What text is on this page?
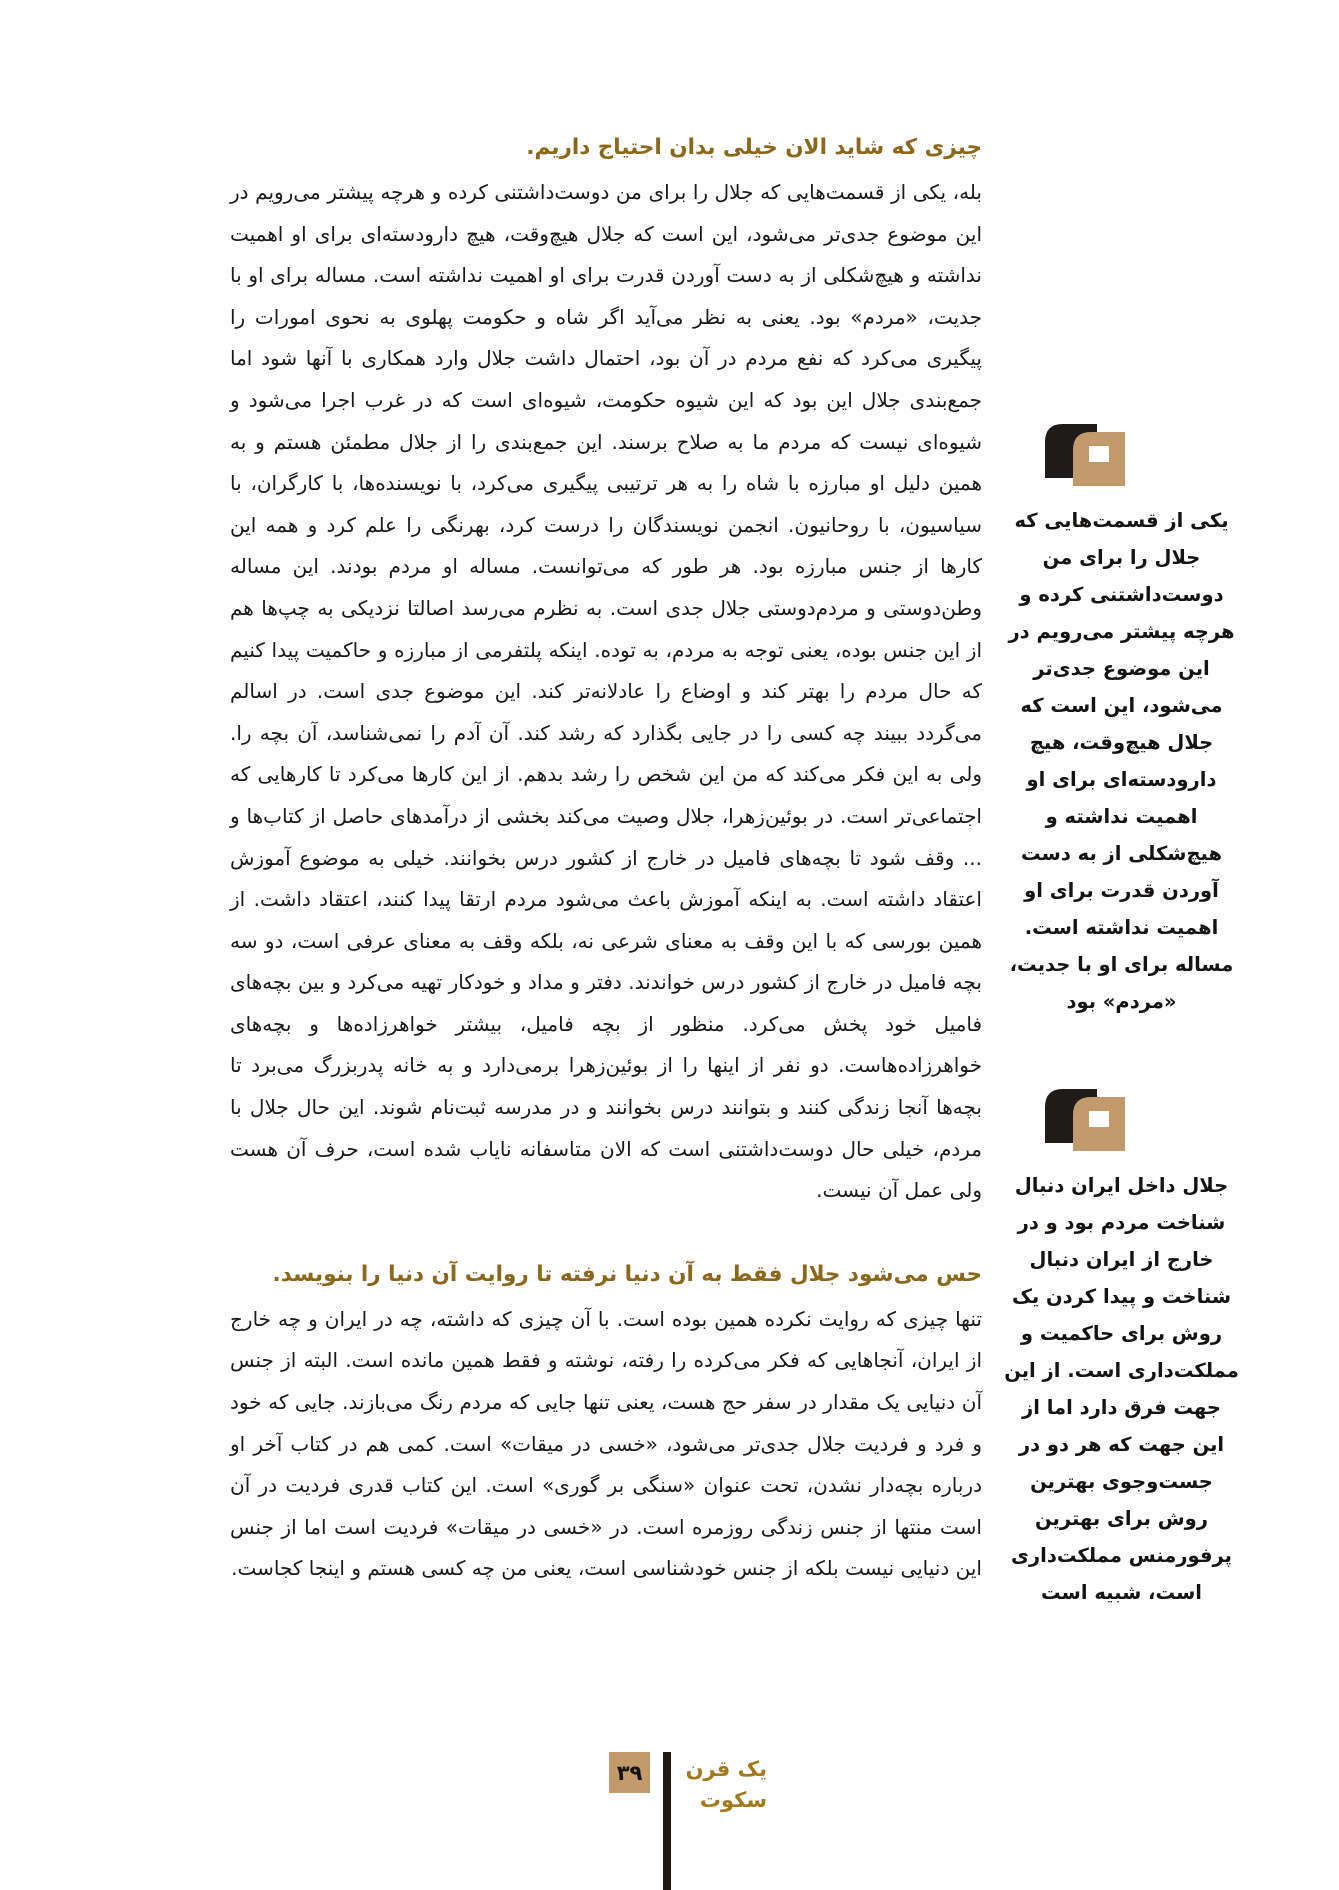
چیزی که شاید الان خیلی بدان احتیاج داریم.

بله، یکی از قسمت‌هایی که جلال را برای من دوست‌داشتنی کرده و هرچه پیشتر می‌رویم در این موضوع جدی‌تر می‌شود، این است که جلال هیچ‌وقت، هیچ دارودسته‌ای برای او اهمیت نداشته و هیچ‌شکلی از به دست آوردن قدرت برای او اهمیت نداشته است. مساله برای او با جدیت، «مردم» بود. یعنی به نظر می‌آید اگر شاه و حکومت پهلوی به نحوی امورات را پیگیری می‌کرد که نفع مردم در آن بود، احتمال داشت جلال وارد همکاری با آنها شود اما جمع‌بندی جلال این بود که این شیوه حکومت، شیوه‌ای است که در غرب اجرا می‌شود و شیوه‌ای نیست که مردم ما به صلاح برسند. این جمع‌بندی را از جلال مطمئن هستم و به همین دلیل او مبارزه با شاه را به هر ترتیبی پیگیری می‌کرد، با نویسنده‌ها، با کارگران، با سیاسیون، با روحانیون. انجمن نویسندگان را درست کرد، بهرنگی را علم کرد و همه این کارها از جنس مبارزه بود. هر طور که می‌توانست. مساله او مردم بودند. این مساله وطن‌دوستی و مردم‌دوستی جلال جدی است. به نظرم می‌رسد اصالتا نزدیکی به چپ‌ها هم از این جنس بوده، یعنی توجه به مردم، به توده. اینکه پلتفرمی از مبارزه و حاکمیت پیدا کنیم که حال مردم را بهتر کند و اوضاع را عادلانه‌تر کند. این موضوع جدی است. در اسالم می‌گردد ببیند چه کسی را در جایی بگذارد که رشد کند. آن آدم را نمی‌شناسد، آن بچه را. ولی به این فکر می‌کند که من این شخص را رشد بدهم. از این کارها می‌کرد تا کارهایی که اجتماعی‌تر است. در بوئین‌زهرا، جلال وصیت می‌کند بخشی از درآمدهای حاصل از کتاب‌ها و ... وقف شود تا بچه‌های فامیل در خارج از کشور درس بخوانند. خیلی به موضوع آموزش اعتقاد داشته است. به اینکه آموزش باعث می‌شود مردم ارتقا پیدا کنند، اعتقاد داشت. از همین بورسی که با این وقف به معنای شرعی نه، بلکه وقف به معنای عرفی است، دو سه بچه فامیل در خارج از کشور درس خواندند. دفتر و مداد و خودکار تهیه می‌کرد و بین بچه‌های فامیل خود پخش می‌کرد. منظور از بچه فامیل، بیشتر خواهرزاده‌ها و بچه‌های خواهرزاده‌هاست. دو نفر از اینها را از بوئین‌زهرا برمی‌دارد و به خانه پدربزرگ می‌برد تا بچه‌ها آنجا زندگی کنند و بتوانند درس بخوانند و در مدرسه ثبت‌نام شوند. این حال جلال با مردم، خیلی حال دوست‌داشتنی است که الان متاسفانه نایاب شده است، حرف آن هست ولی عمل آن نیست.

حس می‌شود جلال فقط به آن دنیا نرفته تا روایت آن دنیا را بنویسد.

تنها چیزی که روایت نکرده همین بوده است. با آن چیزی که داشته، چه در ایران و چه خارج از ایران، آنجاهایی که فکر می‌کرده را رفته، نوشته و فقط همین مانده است. البته از جنس آن دنیایی یک مقدار در سفر حج هست، یعنی تنها جایی که مردم رنگ می‌بازند. جایی که خود و فرد و فردیت جلال جدی‌تر می‌شود، «خسی در میقات» است. کمی هم در کتاب آخر او درباره بچه‌دار نشدن، تحت عنوان «سنگی بر گوری» است. این کتاب قدری فردیت در آن است منتها از جنس زندگی روزمره است. در «خسی در میقات» فردیت است اما از جنس این دنیایی نیست بلکه از جنس خودشناسی است، یعنی من چه کسی هستم و اینجا کجاست.

یکی از قسمت‌هایی که جلال را برای من دوست‌داشتنی کرده و هرچه پیشتر می‌رویم در این موضوع جدی‌تر می‌شود، این است که جلال هیچ‌وقت، هیچ دارودسته‌ای برای او اهمیت نداشته و هیچ‌شکلی از به دست آوردن قدرت برای او اهمیت نداشته است. مساله برای او با جدیت، «مردم» بود

جلال داخل ایران دنبال شناخت مردم بود و در خارج از ایران دنبال شناخت و پیدا کردن یک روش برای حاکمیت و مملکت‌داری است. از این جهت فرق دارد اما از این جهت که هر دو در جست‌وجوی بهترین روش برای بهترین پرفورمنس مملکت‌داری است، شبیه است

۳۹	یک قرن
سکوت
